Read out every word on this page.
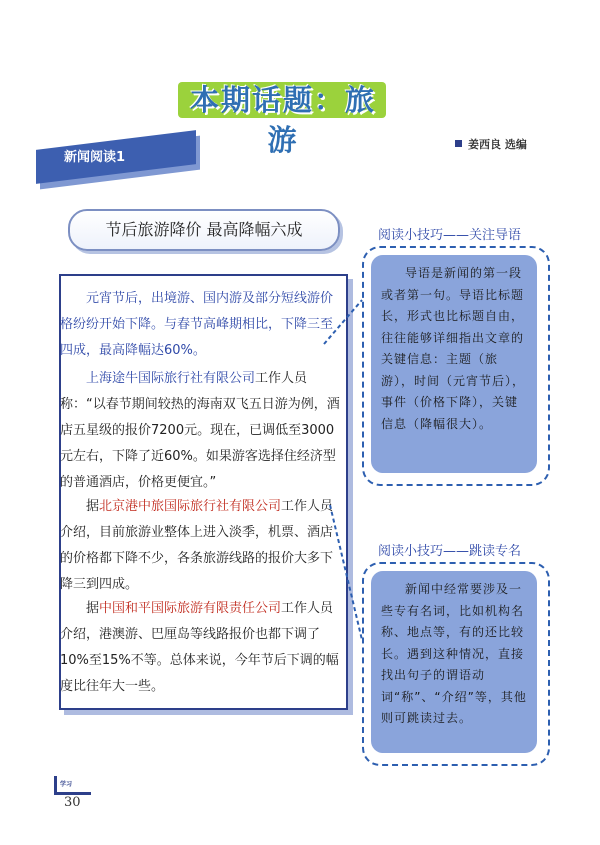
本期话题：旅游	姜西良 选编
新闻阅读1
节后旅游降价 最高降幅六成
元宵节后，出境游、国内游及部分短线游价格纷纷开始下降。与春节高峰期相比，下降三至四成，最高降幅达60%。
上海途牛国际旅行社有限公司工作人员称：“以春节期间较热的海南双飞五日游为例，酒店五星级的报价7200元。现在，已调低至3000元左右，下降了近60%。如果游客选择住经济型的普通酒店，价格更便宜。”
据北京港中旅国际旅行社有限公司工作人员介绍，目前旅游业整体上进入淡季，机票、酒店的价格都下降不少，各条旅游线路的报价大多下降三到四成。
据中国和平国际旅游有限责任公司工作人员介绍，港澳游、巴厘岛等线路报价也都下调了10%至15%不等。总体来说，今年节后下调的幅度比往年大一些。
阅读小技巧——关注导语
导语是新闻的第一段或者第一句。导语比标题长，形式也比标题自由，往往能够详细指出文章的关键信息：主题（旅游），时间（元宵节后），事件（价格下降），关键信息（降幅很大）。
阅读小技巧——跳读专名
新闻中经常要涉及一些专有名词，比如机构名称、地点等，有的还比较长。遇到这种情况，直接找出句子的谓语动词“称”、“介绍”等，其他则可跳读过去。
学习
30
